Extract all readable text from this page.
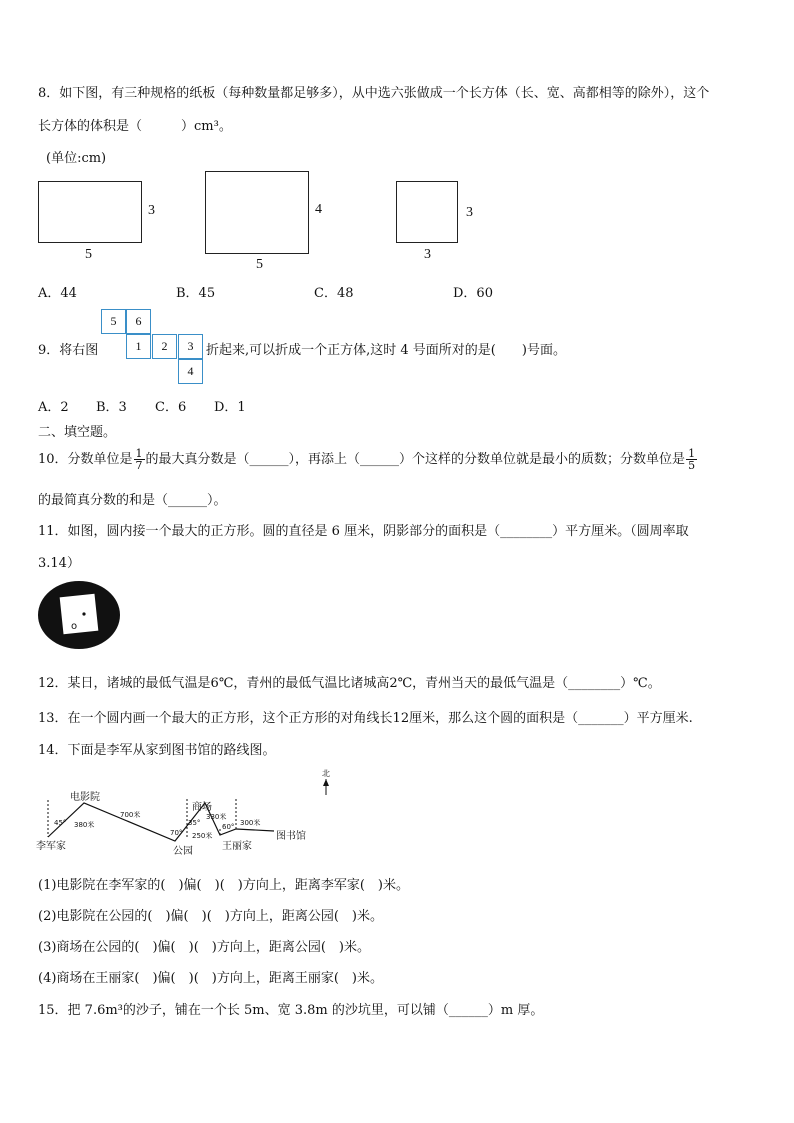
8．如下图，有三种规格的纸板（每种数量都足够多），从中选六张做成一个长方体（长、宽、高都相等的除外），这个
长方体的体积是（　　　）cm³。
(单位:cm)
3
5
4
5
3
3
A．44	B．45	C．48	D．60
5	6
1	2	3
4
9．将右图	折起来,可以折成一个正方体,这时 4 号面所对的是(　　)号面。
A．2 B．3 C．6 D．1
二、填空题。
10．分数单位是 $\frac{1}{7}$ 的最大真分数是（______），再添上（______）个这样的分数单位就是最小的质数；分数单位是 $\frac{1}{5}$
的最简真分数的和是（______）。
11．如图，圆内接一个最大的正方形。圆的直径是 6 厘米，阴影部分的面积是（________）平方厘米。（圆周率取
3.14）
o
12．某日，诸城的最低气温是6℃，青州的最低气温比诸城高2℃，青州当天的最低气温是（________）℃。
13．在一个圆内画一个最大的正方形，这个正方形的对角线长12厘米，那么这个圆的面积是（_______）平方厘米.
14．下面是李军从家到图书馆的路线图。
北
电影院
李军家	公园
商场
王丽家
图书馆
45°
70°
35°	60°
380米
700米
250米
330米
300米
(1)电影院在李军家的(　)偏(　)(　)方向上，距离李军家(　)米。
(2)电影院在公园的(　)偏(　)(　)方向上，距离公园(　)米。
(3)商场在公园的(　)偏(　)(　)方向上，距离公园(　)米。
(4)商场在王丽家(　)偏(　)(　)方向上，距离王丽家(　)米。
15．把 7.6m³的沙子，铺在一个长 5m、宽 3.8m 的沙坑里，可以铺（______）m 厚。
